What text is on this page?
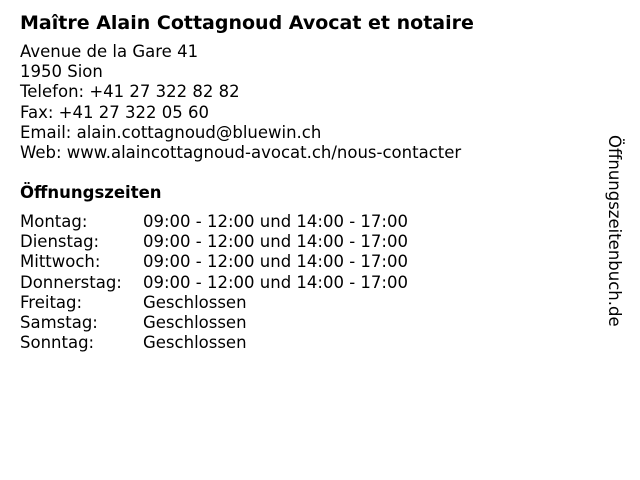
Maître Alain Cottagnoud Avocat et notaire
Avenue de la Gare 41
1950 Sion
Telefon: +41 27 322 82 82
Fax: +41 27 322 05 60
Email: alain.cottagnoud@bluewin.ch
Web: www.alaincottagnoud-avocat.ch/nous-contacter
Öffnungszeiten
Montag:	09:00 - 12:00 und 14:00 - 17:00
Dienstag:	09:00 - 12:00 und 14:00 - 17:00
Mittwoch:	09:00 - 12:00 und 14:00 - 17:00
Donnerstag:	09:00 - 12:00 und 14:00 - 17:00
Freitag:	Geschlossen
Samstag:	Geschlossen
Sonntag:	Geschlossen
Öffnungszeitenbuch.de
